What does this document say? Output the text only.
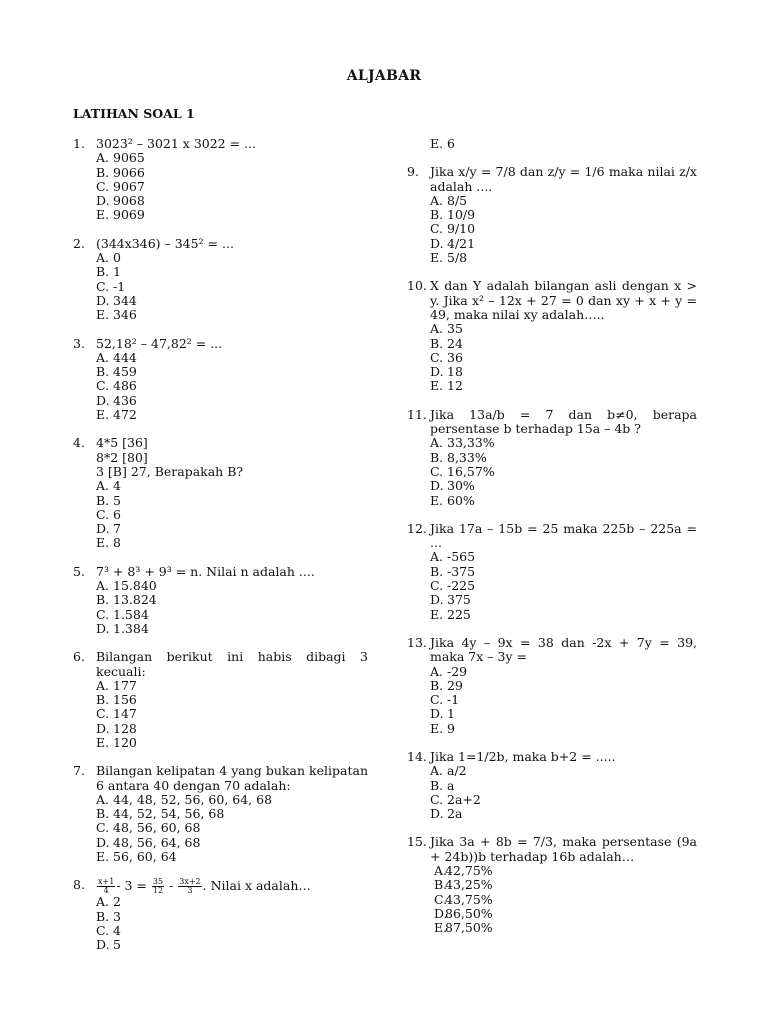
ALJABAR
LATIHAN SOAL 1
1. 3023² – 3021 x 3022 = ...
A. 9065
B. 9066
C. 9067
D. 9068
E. 9069
2. (344x346) – 345² = ...
A. 0
B. 1
C. -1
D. 344
E. 346
3. 52,18² – 47,82² = ...
A. 444
B. 459
C. 486
D. 436
E. 472
4. 4*5 [36]
8*2 [80]
3 [B] 27, Berapakah B?
A. 4
B. 5
C. 6
D. 7
E. 8
5. 7³ + 8³ + 9³ = n. Nilai n adalah ....
A. 15.840
B. 13.824
C. 1.584
D. 1.384
6. Bilangan berikut ini habis dibagi 3 kecuali:
A. 177
B. 156
C. 147
D. 128
E. 120
7. Bilangan kelipatan 4 yang bukan kelipatan 6 antara 40 dengan 70 adalah:
A. 44, 48, 52, 56, 60, 64, 68
B. 44, 52, 54, 56, 68
C. 48, 56, 60, 68
D. 48, 56, 64, 68
E. 56, 60, 64
8. $\frac{x+1}{4} - 3 = \frac{35}{12} - \frac{3x+2}{3}$ . Nilai x adalah…
A. 2
B. 3
C. 4
D. 5
E. 6
9. Jika x/y = 7/8 dan z/y = 1/6 maka nilai z/x adalah ....
A. 8/5
B. 10/9
C. 9/10
D. 4/21
E. 5/8
10. X dan Y adalah bilangan asli dengan x > y. Jika x² – 12x + 27 = 0 dan xy + x + y = 49, maka nilai xy adalah…..
A. 35
B. 24
C. 36
D. 18
E. 12
11. Jika 13a/b = 7 dan b≠0, berapa persentase b terhadap 15a – 4b ?
A. 33,33%
B. 8,33%
C. 16,57%
D. 30%
E. 60%
12. Jika 17a – 15b = 25 maka 225b – 225a = ...
A. -565
B. -375
C. -225
D. 375
E. 225
13. Jika 4y – 9x = 38 dan -2x + 7y = 39, maka 7x – 3y =
A. -29
B. 29
C. -1
D. 1
E. 9
14. Jika 1=1/2b, maka b+2 = .....
A. a/2
B. a
C. 2a+2
D. 2a
15. Jika 3a + 8b = 7/3, maka persentase (9a + 24b))b terhadap 16b adalah…
A.
42,75%
B.
43,25%
C.
43,75%
D.
86,50%
E.
87,50%
